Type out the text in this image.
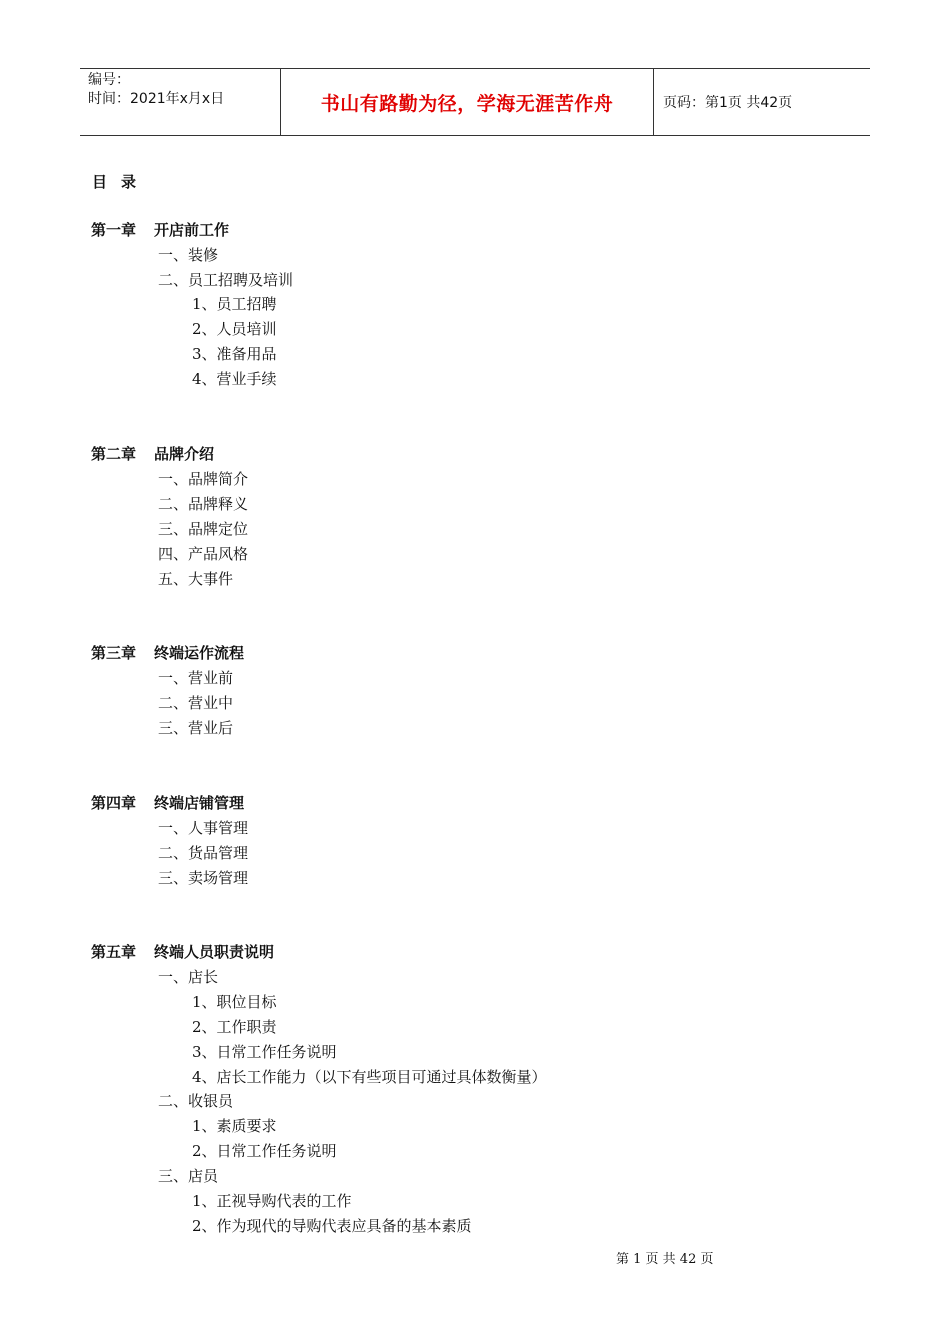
编号：
时间：2021年x月x日	书山有路勤为径，学海无涯苦作舟	页码：第1页 共42页
目录
第一章 开店前工作
一、装修
二、员工招聘及培训
1、员工招聘
2、人员培训
3、准备用品
4、营业手续
第二章 品牌介绍
一、品牌简介
二、品牌释义
三、品牌定位
四、产品风格
五、大事件
第三章 终端运作流程
一、营业前
二、营业中
三、营业后
第四章 终端店铺管理
一、人事管理
二、货品管理
三、卖场管理
第五章 终端人员职责说明
一、店长
1、职位目标
2、工作职责
3、日常工作任务说明
4、店长工作能力（以下有些项目可通过具体数衡量）
二、收银员
1、素质要求
2、日常工作任务说明
三、店员
1、正视导购代表的工作
2、作为现代的导购代表应具备的基本素质
第 1 页 共 42 页
